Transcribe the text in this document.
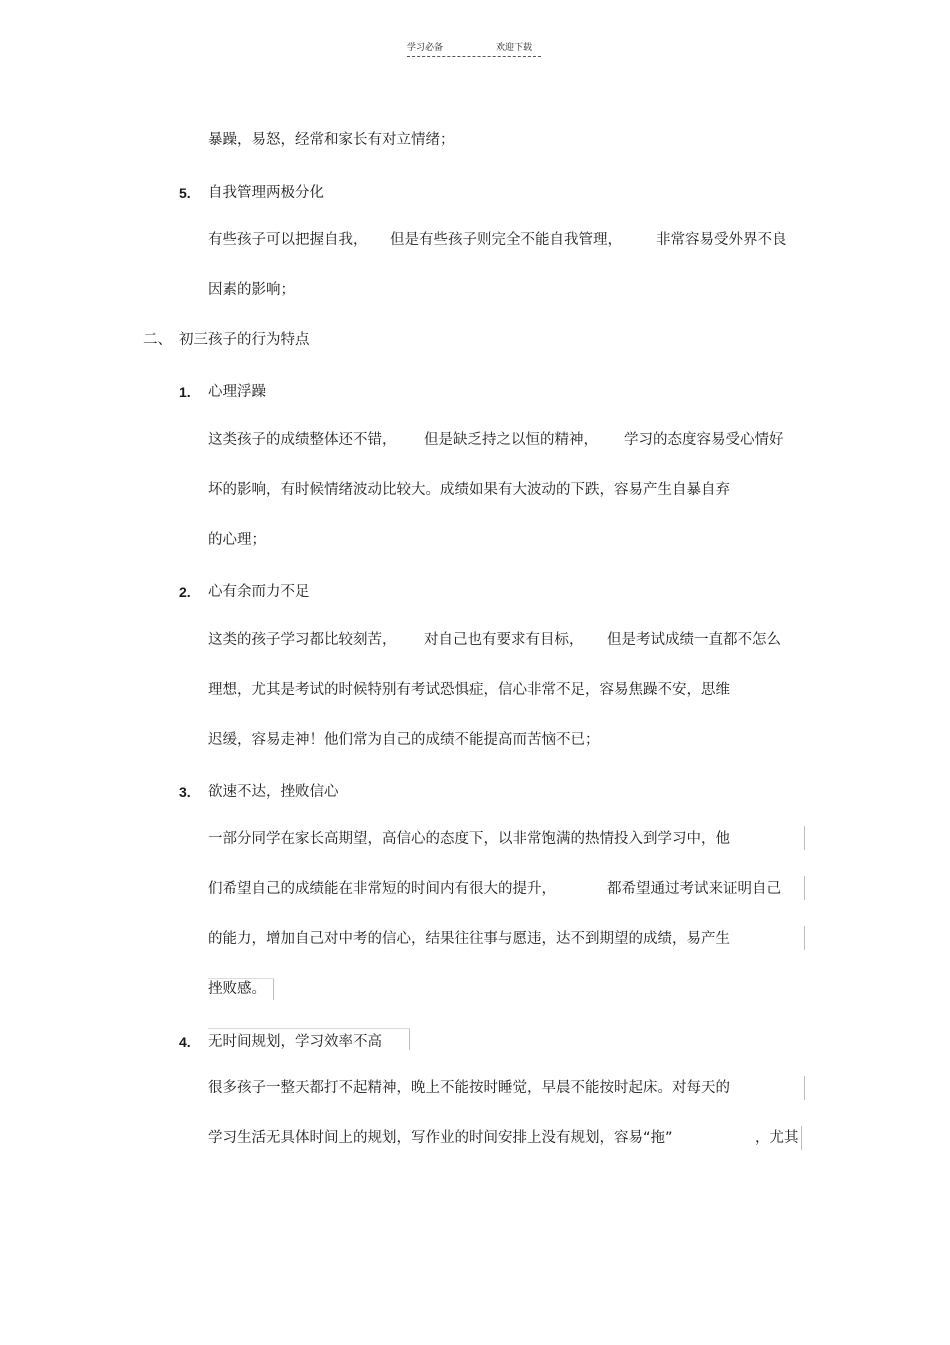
学习必备	欢迎下载
暴躁，易怒，经常和家长有对立情绪；
5. 自我管理两极分化
有些孩子可以把握自我， 但是有些孩子则完全不能自我管理， 非常容易受外界不良
因素的影响；
二、 初三孩子的行为特点
1. 心理浮躁
这类孩子的成绩整体还不错， 但是缺乏持之以恒的精神， 学习的态度容易受心情好
坏的影响，有时候情绪波动比较大。成绩如果有大波动的下跌，容易产生自暴自弃
的心理；
2. 心有余而力不足
这类的孩子学习都比较刻苦， 对自己也有要求有目标， 但是考试成绩一直都不怎么
理想，尤其是考试的时候特别有考试恐惧症，信心非常不足，容易焦躁不安，思维
迟缓，容易走神！他们常为自己的成绩不能提高而苦恼不已；
3. 欲速不达，挫败信心
一部分同学在家长高期望，高信心的态度下，以非常饱满的热情投入到学习中，他
们希望自己的成绩能在非常短的时间内有很大的提升，	都希望通过考试来证明自己
的能力，增加自己对中考的信心，结果往往事与愿违，达不到期望的成绩，易产生
挫败感。
4. 无时间规划，学习效率不高
很多孩子一整天都打不起精神，晚上不能按时睡觉，早晨不能按时起床。对每天的
学习生活无具体时间上的规划，写作业的时间安排上没有规划，容易“拖”	，尤其
